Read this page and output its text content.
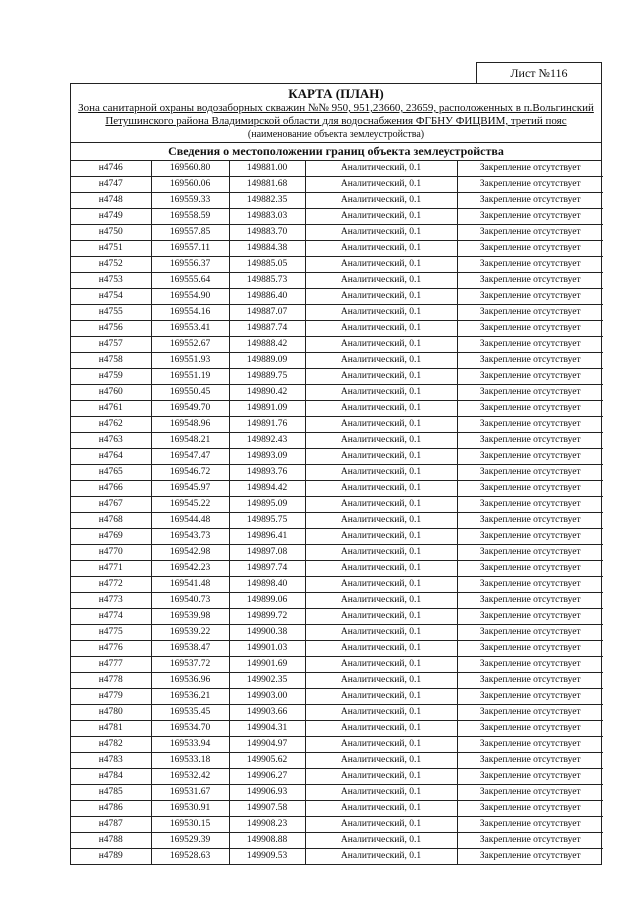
Лист №116
КАРТА (ПЛАН)
Зона санитарной охраны водозаборных скважин №№ 950, 951,23660, 23659, расположенных в п.Вольгинский Петушинского района Владимирской области для водоснабжения ФГБНУ ФИЦВИМ, третий пояс
(наименование объекта землеустройства)
Сведения о местоположении границ объекта землеустройства
н4746	169560.80	149881.00	Аналитический, 0.1	Закрепление отсутствует
н4747	169560.06	149881.68	Аналитический, 0.1	Закрепление отсутствует
н4748	169559.33	149882.35	Аналитический, 0.1	Закрепление отсутствует
н4749	169558.59	149883.03	Аналитический, 0.1	Закрепление отсутствует
н4750	169557.85	149883.70	Аналитический, 0.1	Закрепление отсутствует
н4751	169557.11	149884.38	Аналитический, 0.1	Закрепление отсутствует
н4752	169556.37	149885.05	Аналитический, 0.1	Закрепление отсутствует
н4753	169555.64	149885.73	Аналитический, 0.1	Закрепление отсутствует
н4754	169554.90	149886.40	Аналитический, 0.1	Закрепление отсутствует
н4755	169554.16	149887.07	Аналитический, 0.1	Закрепление отсутствует
н4756	169553.41	149887.74	Аналитический, 0.1	Закрепление отсутствует
н4757	169552.67	149888.42	Аналитический, 0.1	Закрепление отсутствует
н4758	169551.93	149889.09	Аналитический, 0.1	Закрепление отсутствует
н4759	169551.19	149889.75	Аналитический, 0.1	Закрепление отсутствует
н4760	169550.45	149890.42	Аналитический, 0.1	Закрепление отсутствует
н4761	169549.70	149891.09	Аналитический, 0.1	Закрепление отсутствует
н4762	169548.96	149891.76	Аналитический, 0.1	Закрепление отсутствует
н4763	169548.21	149892.43	Аналитический, 0.1	Закрепление отсутствует
н4764	169547.47	149893.09	Аналитический, 0.1	Закрепление отсутствует
н4765	169546.72	149893.76	Аналитический, 0.1	Закрепление отсутствует
н4766	169545.97	149894.42	Аналитический, 0.1	Закрепление отсутствует
н4767	169545.22	149895.09	Аналитический, 0.1	Закрепление отсутствует
н4768	169544.48	149895.75	Аналитический, 0.1	Закрепление отсутствует
н4769	169543.73	149896.41	Аналитический, 0.1	Закрепление отсутствует
н4770	169542.98	149897.08	Аналитический, 0.1	Закрепление отсутствует
н4771	169542.23	149897.74	Аналитический, 0.1	Закрепление отсутствует
н4772	169541.48	149898.40	Аналитический, 0.1	Закрепление отсутствует
н4773	169540.73	149899.06	Аналитический, 0.1	Закрепление отсутствует
н4774	169539.98	149899.72	Аналитический, 0.1	Закрепление отсутствует
н4775	169539.22	149900.38	Аналитический, 0.1	Закрепление отсутствует
н4776	169538.47	149901.03	Аналитический, 0.1	Закрепление отсутствует
н4777	169537.72	149901.69	Аналитический, 0.1	Закрепление отсутствует
н4778	169536.96	149902.35	Аналитический, 0.1	Закрепление отсутствует
н4779	169536.21	149903.00	Аналитический, 0.1	Закрепление отсутствует
н4780	169535.45	149903.66	Аналитический, 0.1	Закрепление отсутствует
н4781	169534.70	149904.31	Аналитический, 0.1	Закрепление отсутствует
н4782	169533.94	149904.97	Аналитический, 0.1	Закрепление отсутствует
н4783	169533.18	149905.62	Аналитический, 0.1	Закрепление отсутствует
н4784	169532.42	149906.27	Аналитический, 0.1	Закрепление отсутствует
н4785	169531.67	149906.93	Аналитический, 0.1	Закрепление отсутствует
н4786	169530.91	149907.58	Аналитический, 0.1	Закрепление отсутствует
н4787	169530.15	149908.23	Аналитический, 0.1	Закрепление отсутствует
н4788	169529.39	149908.88	Аналитический, 0.1	Закрепление отсутствует
н4789	169528.63	149909.53	Аналитический, 0.1	Закрепление отсутствует
